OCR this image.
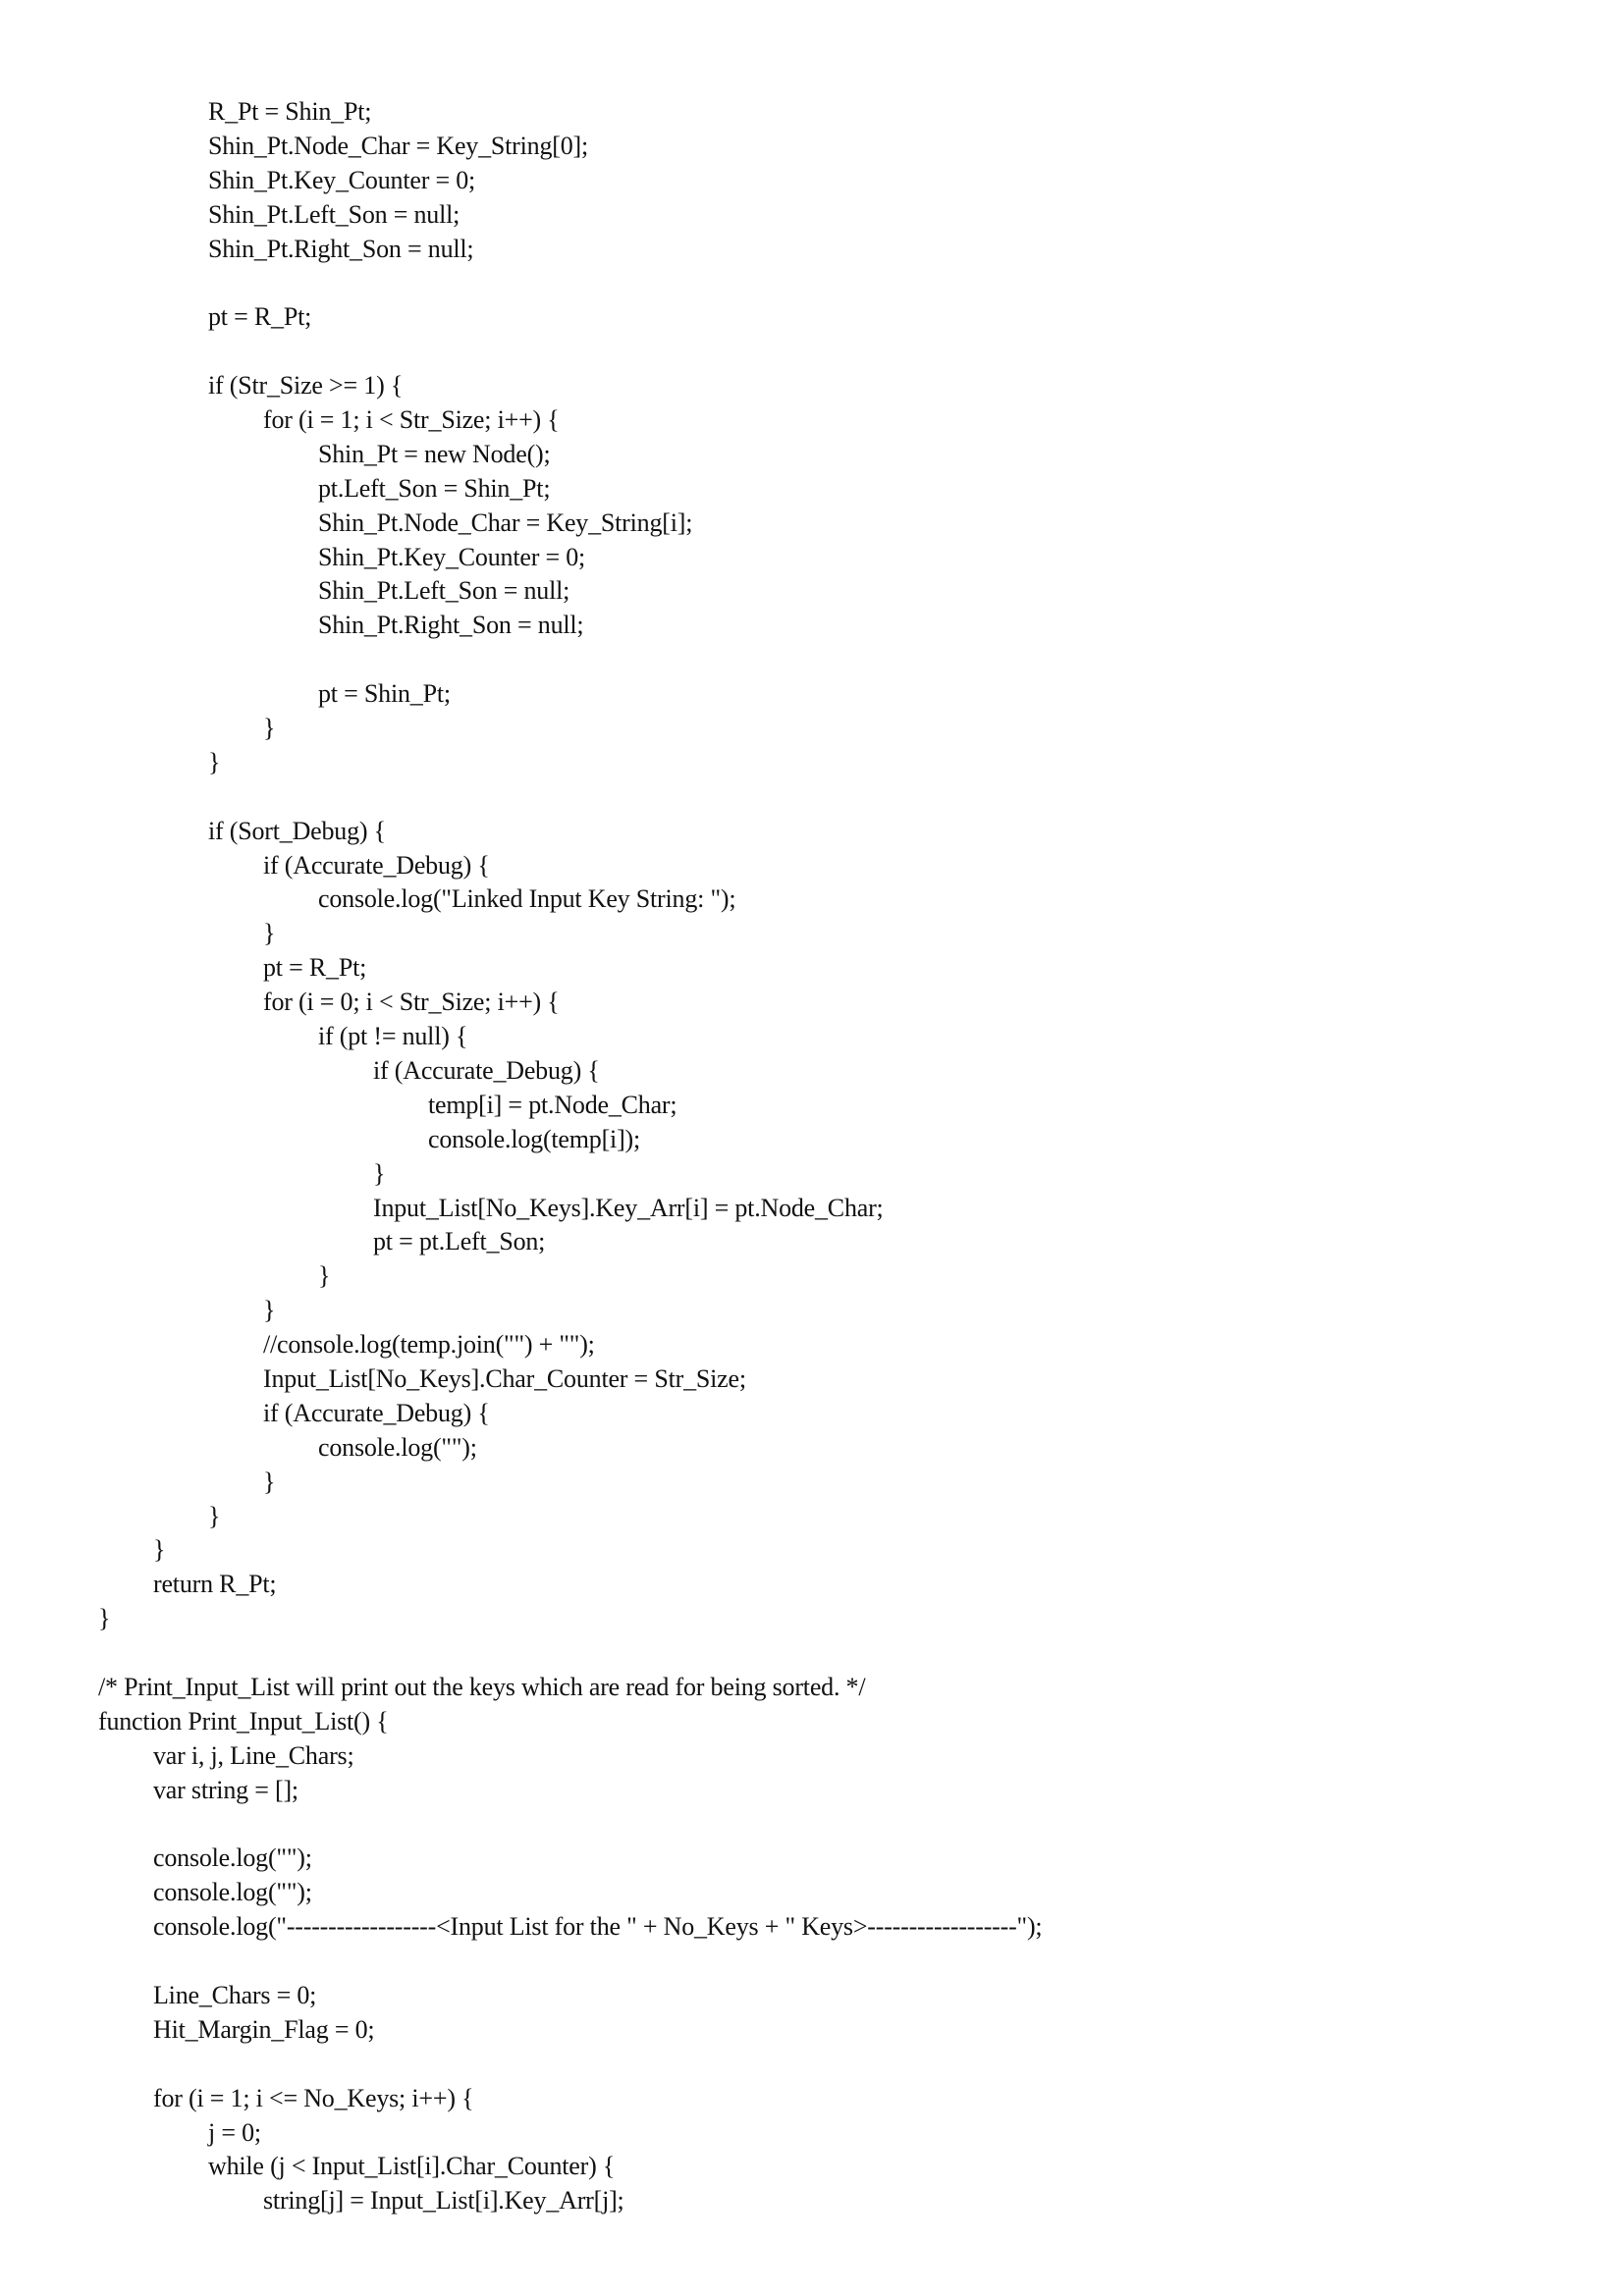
R_Pt = Shin_Pt;
Shin_Pt.Node_Char = Key_String[0];
Shin_Pt.Key_Counter = 0;
Shin_Pt.Left_Son = null;
Shin_Pt.Right_Son = null;
pt = R_Pt;
if (Str_Size >= 1) {
for (i = 1; i < Str_Size; i++) {
Shin_Pt = new Node();
pt.Left_Son = Shin_Pt;
Shin_Pt.Node_Char = Key_String[i];
Shin_Pt.Key_Counter = 0;
Shin_Pt.Left_Son = null;
Shin_Pt.Right_Son = null;
pt = Shin_Pt;
}
}
if (Sort_Debug) {
if (Accurate_Debug) {
console.log("Linked Input Key String: ");
}
pt = R_Pt;
for (i = 0; i < Str_Size; i++) {
if (pt != null) {
if (Accurate_Debug) {
temp[i] = pt.Node_Char;
console.log(temp[i]);
}
Input_List[No_Keys].Key_Arr[i] = pt.Node_Char;
pt = pt.Left_Son;
}
}
//console.log(temp.join("") + "");
Input_List[No_Keys].Char_Counter = Str_Size;
if (Accurate_Debug) {
console.log("");
}
}
}
return R_Pt;
}
/* Print_Input_List will print out the keys which are read for being sorted. */
function Print_Input_List() {
var i, j, Line_Chars;
var string = [];
console.log("");
console.log("");
console.log("------------------<Input List for the " + No_Keys + " Keys>------------------");
Line_Chars = 0;
Hit_Margin_Flag = 0;
for (i = 1; i <= No_Keys; i++) {
j = 0;
while (j < Input_List[i].Char_Counter) {
string[j] = Input_List[i].Key_Arr[j];
